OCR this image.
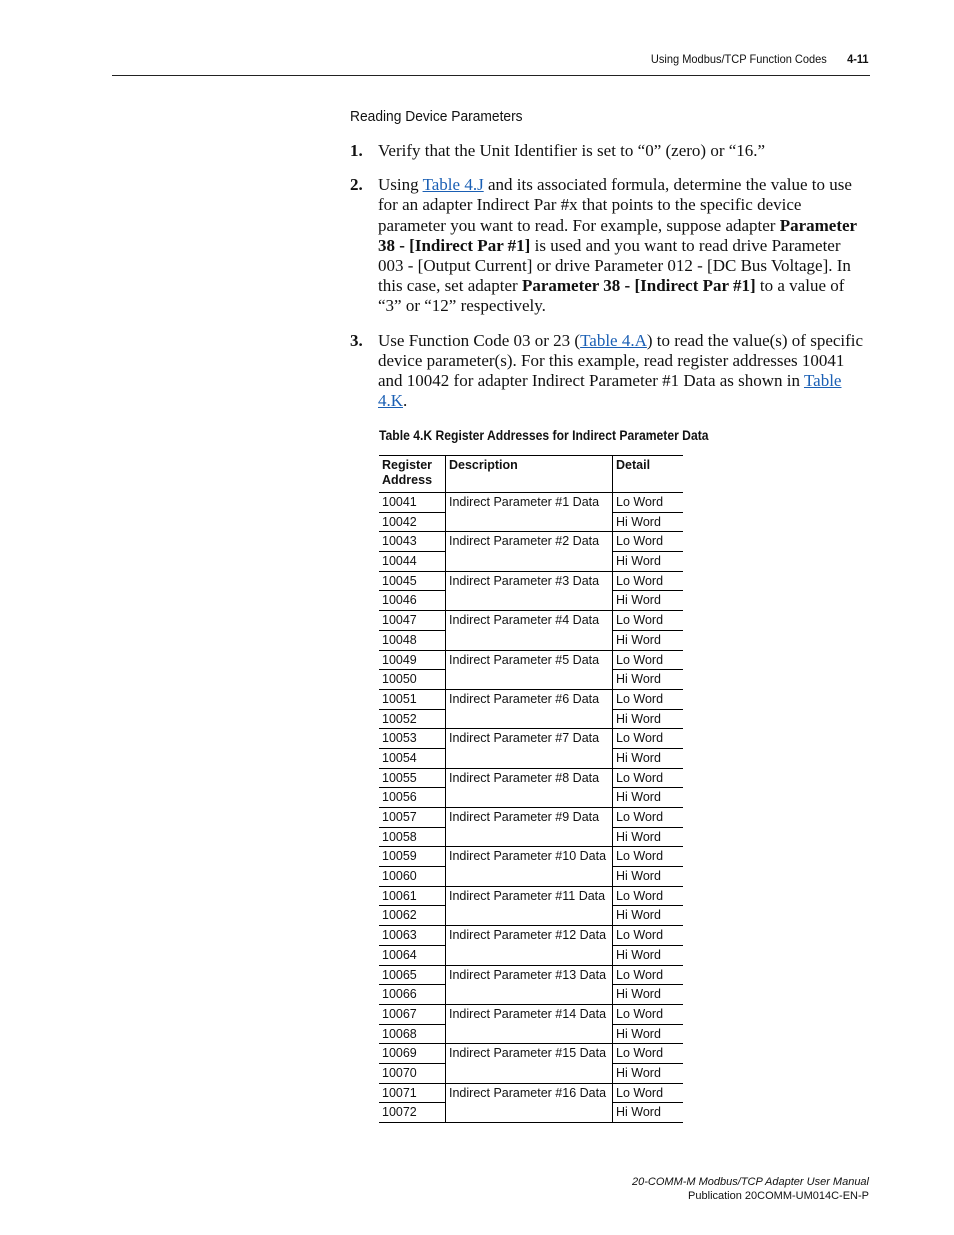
Using Modbus/TCP Function Codes 4-11
Reading Device Parameters
1. Verify that the Unit Identifier is set to “0” (zero) or “16.”
2. Using Table 4.J and its associated formula, determine the value to use for an adapter Indirect Par #x that points to the specific device parameter you want to read. For example, suppose adapter Parameter 38 - [Indirect Par #1] is used and you want to read drive Parameter 003 - [Output Current] or drive Parameter 012 - [DC Bus Voltage]. In this case, set adapter Parameter 38 - [Indirect Par #1] to a value of “3” or “12” respectively.
3. Use Function Code 03 or 23 (Table 4.A) to read the value(s) of specific device parameter(s). For this example, read register addresses 10041 and 10042 for adapter Indirect Parameter #1 Data as shown in Table 4.K.
Table 4.K Register Addresses for Indirect Parameter Data
Register Address	Description	Detail
10041	Indirect Parameter #1 Data	Lo Word
10042		Hi Word
10043	Indirect Parameter #2 Data	Lo Word
10044		Hi Word
10045	Indirect Parameter #3 Data	Lo Word
10046		Hi Word
10047	Indirect Parameter #4 Data	Lo Word
10048		Hi Word
10049	Indirect Parameter #5 Data	Lo Word
10050		Hi Word
10051	Indirect Parameter #6 Data	Lo Word
10052		Hi Word
10053	Indirect Parameter #7 Data	Lo Word
10054		Hi Word
10055	Indirect Parameter #8 Data	Lo Word
10056		Hi Word
10057	Indirect Parameter #9 Data	Lo Word
10058		Hi Word
10059	Indirect Parameter #10 Data	Lo Word
10060		Hi Word
10061	Indirect Parameter #11 Data	Lo Word
10062		Hi Word
10063	Indirect Parameter #12 Data	Lo Word
10064		Hi Word
10065	Indirect Parameter #13 Data	Lo Word
10066		Hi Word
10067	Indirect Parameter #14 Data	Lo Word
10068		Hi Word
10069	Indirect Parameter #15 Data	Lo Word
10070		Hi Word
10071	Indirect Parameter #16 Data	Lo Word
10072		Hi Word
20-COMM-M Modbus/TCP Adapter User Manual
Publication 20COMM-UM014C-EN-P
